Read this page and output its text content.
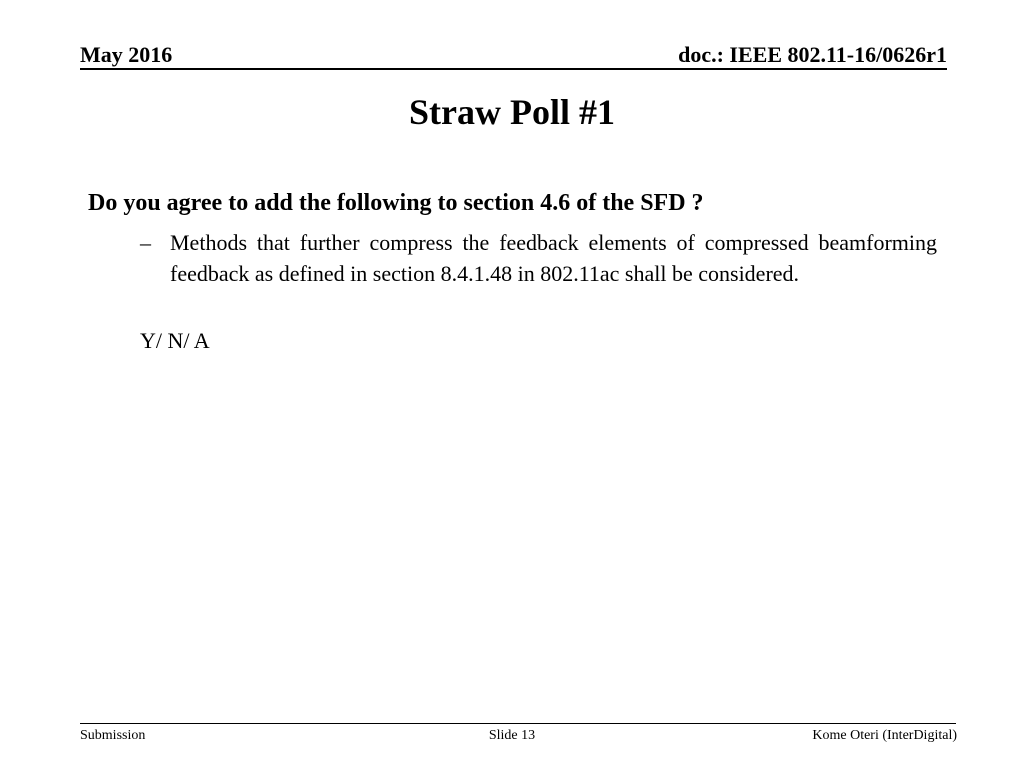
May 2016	doc.: IEEE 802.11-16/0626r1
Straw Poll #1
Do you agree to add the following to section 4.6 of the SFD ?
– Methods that further compress the feedback elements of compressed beamforming feedback as defined in section 8.4.1.48 in 802.11ac shall be considered.
Y/ N/ A
Submission	Slide 13	Kome Oteri (InterDigital)
